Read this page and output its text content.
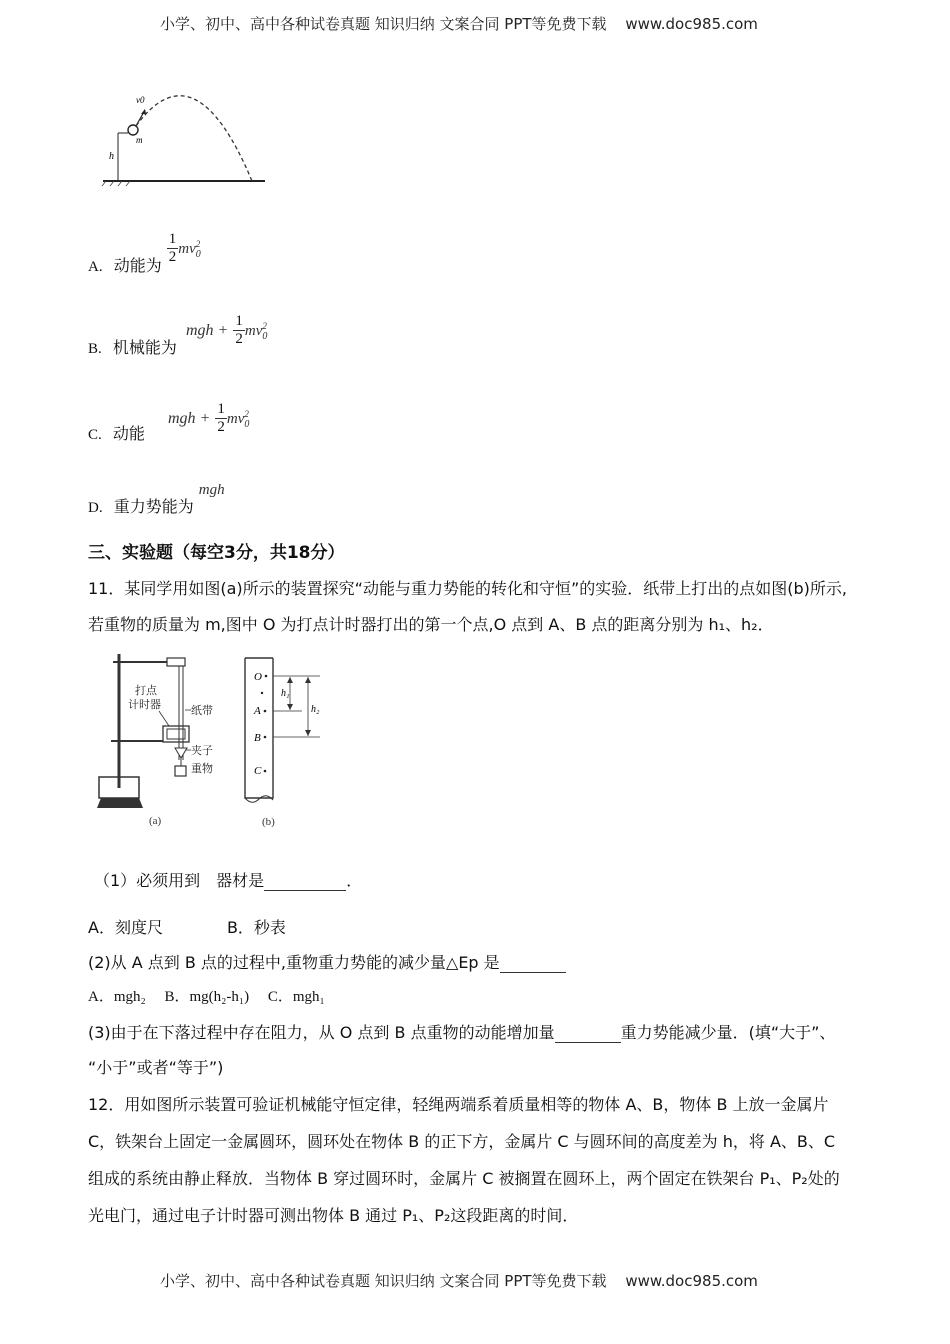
小学、初中、高中各种试卷真题 知识归纳 文案合同 PPT等免费下载 www.doc985.com
h
m
v0
A. 动能为
$\frac{1}{2} mv_0^2$
B. 机械能为 mgh + $\frac{1}{2} mv_0^2$
C. 动能 mgh + $\frac{1}{2} mv_0^2$
D. 重力势能为 mgh
三、实验题（每空3分，共18分）
11．某同学用如图(a)所示的装置探究“动能与重力势能的转化和守恒”的实验．纸带上打出的点如图(b)所示,
若重物的质量为 m,图中 O 为打点计时器打出的第一个点,O 点到 A、B 点的距离分别为 h₁、h₂．
打点
计时器	纸带
夹子
重物
(a)
O
A
B
C
h₁
h₂
(b)
（1）必须用到　器材是	．
A．刻度尺　　　　B．秒表
(2)从 A 点到 B 点的过程中,重物重力势能的减少量△Ep 是
A．mgh₂　 B．mg(h₂-h₁)　 C．mgh₁
(3)由于在下落过程中存在阻力，从 O 点到 B 点重物的动能增加量	重力势能减少量．(填“大于”、
“小于”或者“等于”)
12．用如图所示装置可验证机械能守恒定律，轻绳两端系着质量相等的物体 A、B，物体 B 上放一金属片
C，铁架台上固定一金属圆环，圆环处在物体 B 的正下方，金属片 C 与圆环间的高度差为 h，将 A、B、C
组成的系统由静止释放．当物体 B 穿过圆环时，金属片 C 被搁置在圆环上，两个固定在铁架台 P₁、P₂处的
光电门，通过电子计时器可测出物体 B 通过 P₁、P₂这段距离的时间．
小学、初中、高中各种试卷真题 知识归纳 文案合同 PPT等免费下载 www.doc985.com
